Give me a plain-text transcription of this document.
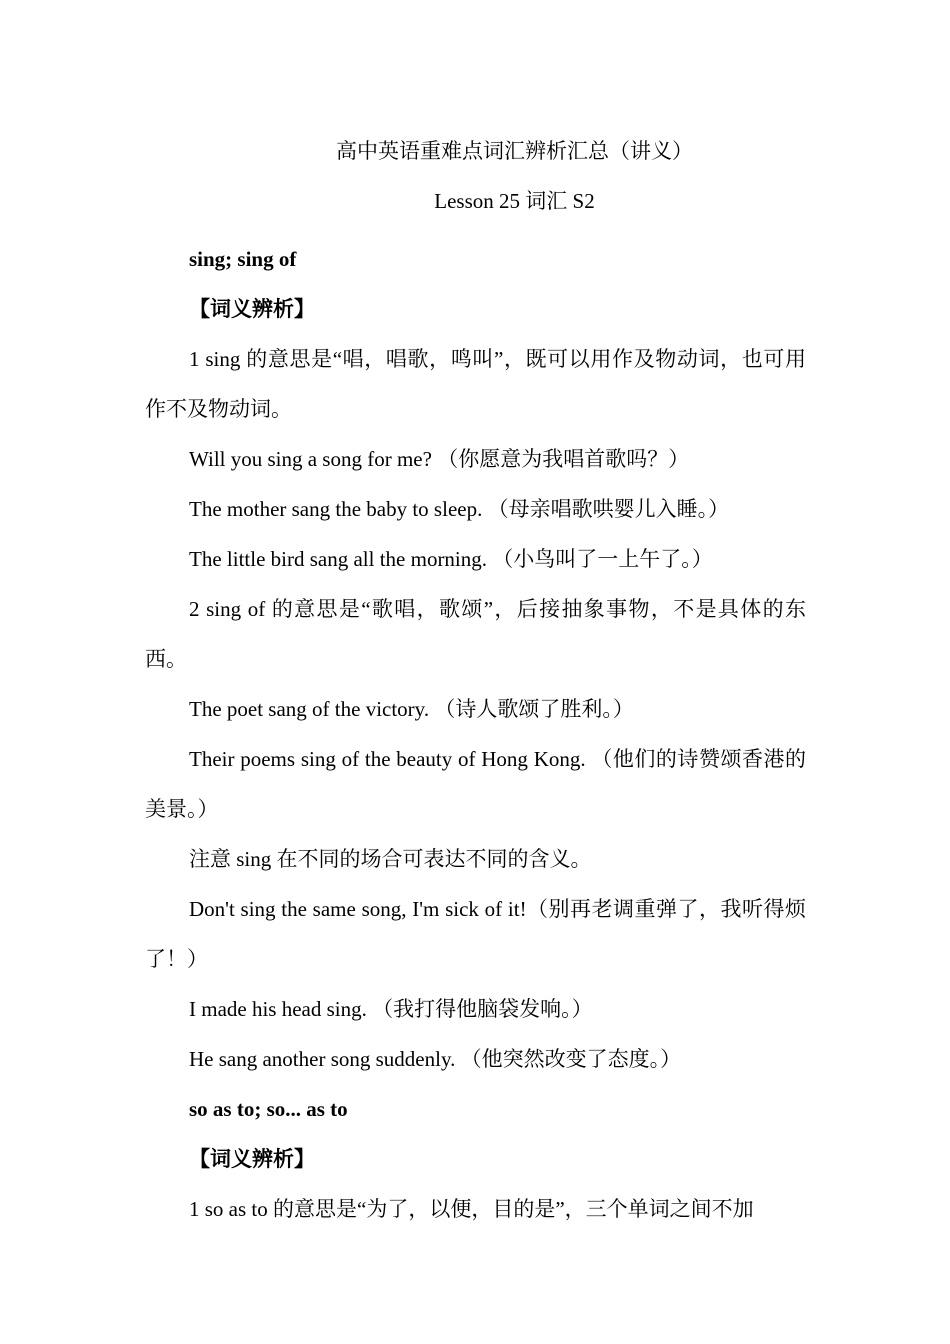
高中英语重难点词汇辨析汇总（讲义）
Lesson 25 词汇 S2

sing; sing of

【词义辨析】

1 sing 的意思是“唱，唱歌，鸣叫”，既可以用作及物动词，也可用作不及物动词。

Will you sing a song for me? （你愿意为我唱首歌吗？）

The mother sang the baby to sleep. （母亲唱歌哄婴儿入睡。）

The little bird sang all the morning. （小鸟叫了一上午了。）

2 sing of 的意思是“歌唱，歌颂”，后接抽象事物，不是具体的东西。

The poet sang of the victory. （诗人歌颂了胜利。）

Their poems sing of the beauty of Hong Kong. （他们的诗赞颂香港的美景。）

注意 sing 在不同的场合可表达不同的含义。

Don't sing the same song, I'm sick of it!（别再老调重弹了，我听得烦了！）

I made his head sing. （我打得他脑袋发响。）

He sang another song suddenly. （他突然改变了态度。）

so as to; so... as to

【词义辨析】

1 so as to 的意思是“为了，以便，目的是”，三个单词之间不加
